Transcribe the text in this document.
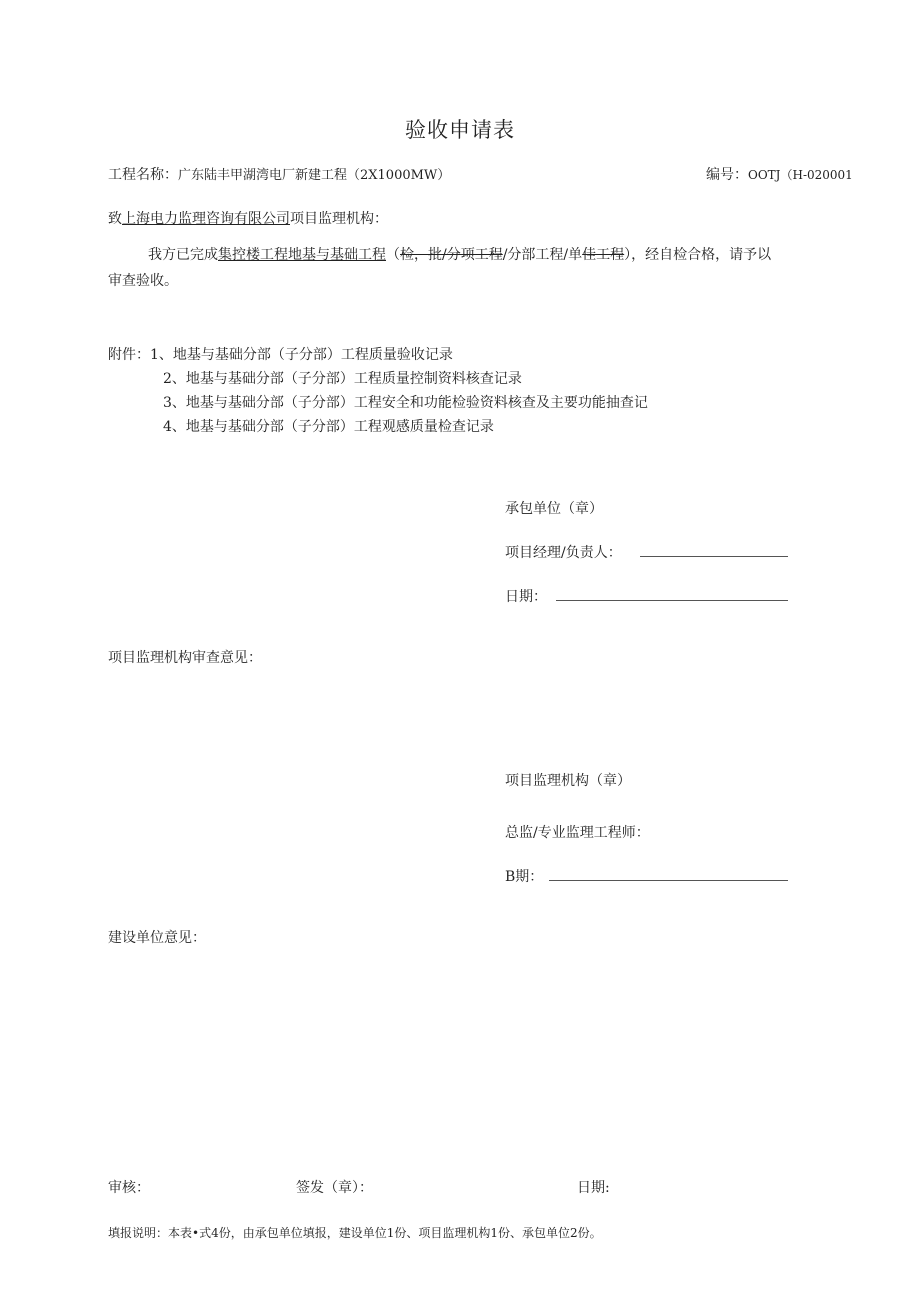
验收申请表
工程名称：广东陆丰甲湖湾电厂新建工程（2X1000MW）	编号：OOTJ（H-020001
致上海电力监理咨询有限公司项目监理机构：
我方已完成集控楼工程地基与基础工程（检，批/分项工程/分部工程/单佳工程），经自检合格，请予以
审查验收。
附件：1、地基与基础分部（子分部）工程质量验收记录
2、地基与基础分部（子分部）工程质量控制资料核查记录
3、地基与基础分部（子分部）工程安全和功能检验资料核查及主要功能抽查记
4、地基与基础分部（子分部）工程观感质量检查记录
承包单位（章）
项目经理/负责人：
日期：
项目监理机构审查意见：
项目监理机构（章）
总监/专业监理工程师：
B期：
建设单位意见：
审核：	签发（章）：	日期:
填报说明：本表•式4份，由承包单位填报，建设单位1份、项目监理机构1份、承包单位2份。
